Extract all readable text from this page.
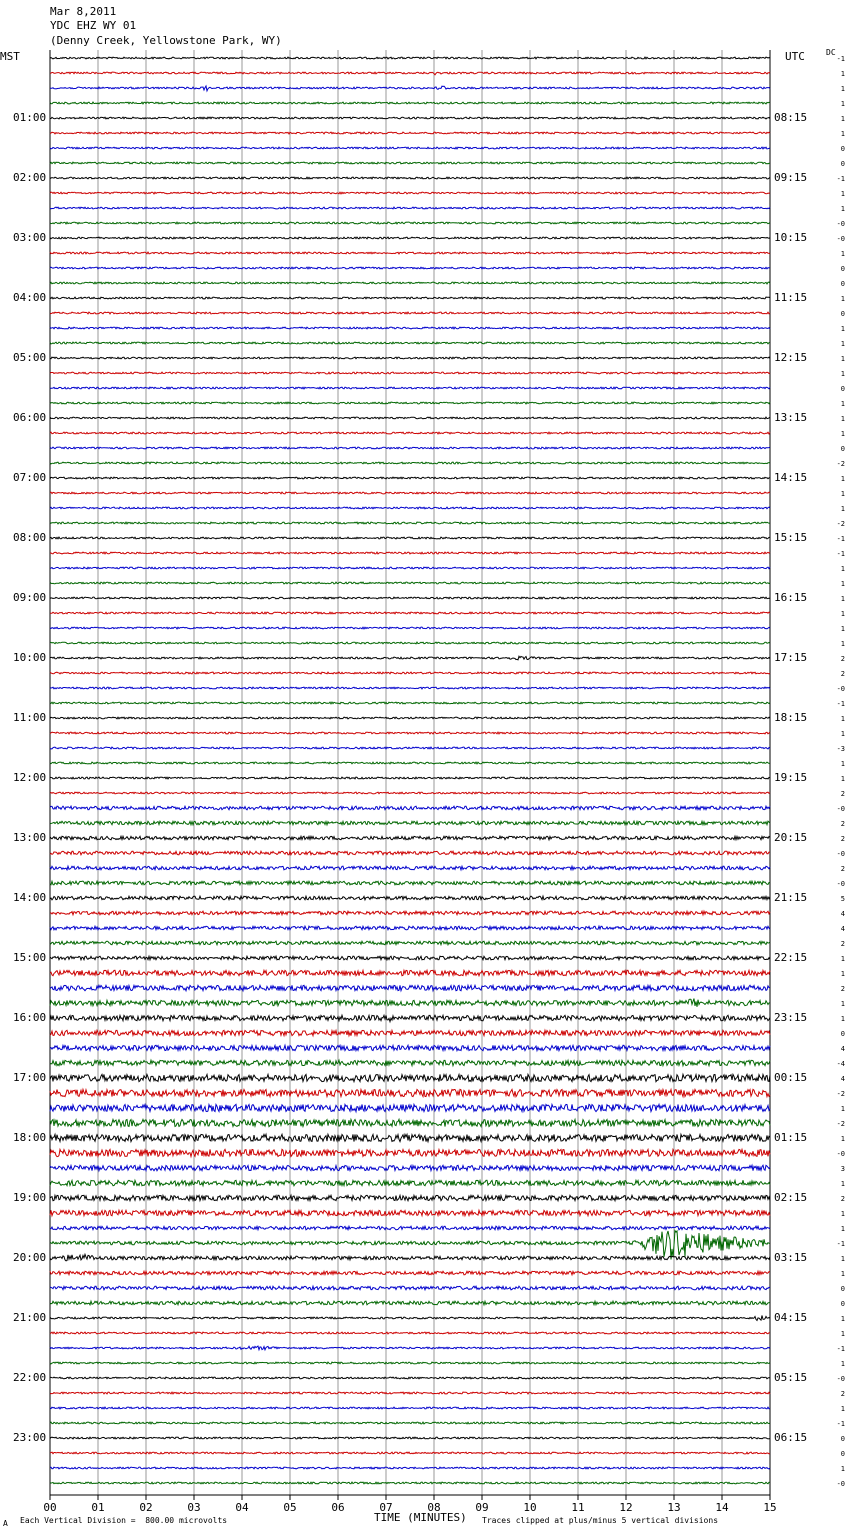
Mar 8,2011
YDC EHZ WY 01
(Denny Creek, Yellowstone Park, WY)
MST	UTC	DC
01:00	08:15
02:00	09:15
03:00	10:15
04:00	11:15
05:00	12:15
06:00	13:15
07:00	14:15
08:00	15:15
09:00	16:15
10:00	17:15
11:00	18:15
12:00	19:15
13:00	20:15
14:00	21:15
15:00	22:15
16:00	23:15
17:00	00:15
18:00	01:15
19:00	02:15
20:00	03:15
21:00	04:15
22:00	05:15
23:00	06:15
00	01	02	03	04	05	06	07	08	09	10	11	12	13	14	15
-1
1
1
1
1
1
0
0
-1
1
1
-0
-0
1
0
0
1
0
1
1
1
1
0
1
1
1
0
-2
1
1
1
-2
-1
-1
1
1
1
1
1
1
2
2
-0
-1
1
1
-3
1
1
2
-0
2
2
-0
2
-0
5
4
4
2
1
1
2
1
1
0
4
-4
4
-2
1
-2
1
-0
3
1
2
1
1
-1
1
1
0
0
1
1
-1
1
-0
2
1
-1
0
0
1
-0
TIME (MINUTES)
Each Vertical Division =  800.00 microvolts	Traces clipped at plus/minus 5 vertical divisions
A
